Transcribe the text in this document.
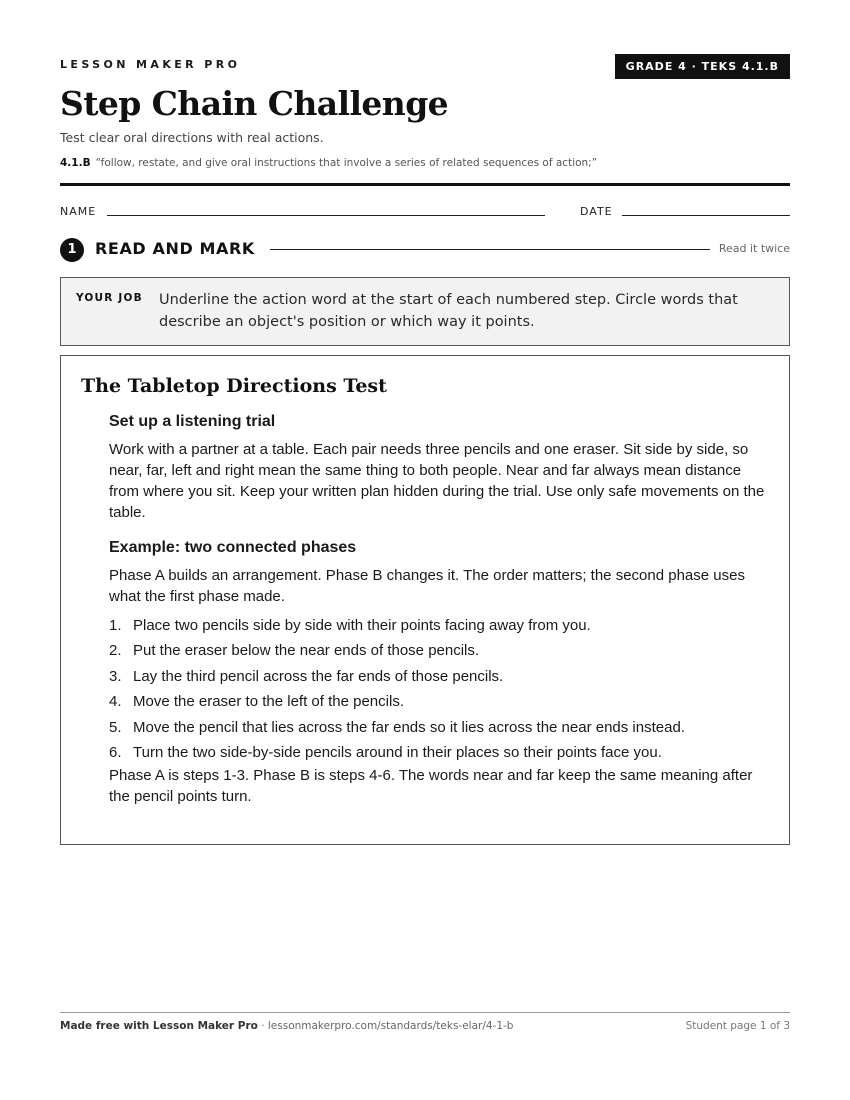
LESSON MAKER PRO	GRADE 4 · TEKS 4.1.B
Step Chain Challenge
Test clear oral directions with real actions.
4.1.B “follow, restate, and give oral instructions that involve a series of related sequences of action;”
NAME	DATE
1	READ AND MARK	Read it twice
YOUR JOB Underline the action word at the start of each numbered step. Circle words that describe an object's position or which way it points.
The Tabletop Directions Test

Set up a listening trial

Work with a partner at a table. Each pair needs three pencils and one eraser. Sit side by side, so near, far, left and right mean the same thing to both people. Near and far always mean distance from where you sit. Keep your written plan hidden during the trial. Use only safe movements on the table.

Example: two connected phases

Phase A builds an arrangement. Phase B changes it. The order matters; the second phase uses what the first phase made.

1. Place two pencils side by side with their points facing away from you.
2. Put the eraser below the near ends of those pencils.
3. Lay the third pencil across the far ends of those pencils.
4. Move the eraser to the left of the pencils.
5. Move the pencil that lies across the far ends so it lies across the near ends instead.
6. Turn the two side-by-side pencils around in their places so their points face you.

Phase A is steps 1-3. Phase B is steps 4-6. The words near and far keep the same meaning after the pencil points turn.

Made free with Lesson Maker Pro · lessonmakerpro.com/standards/teks-elar/4-1-b	Student page 1 of 3
